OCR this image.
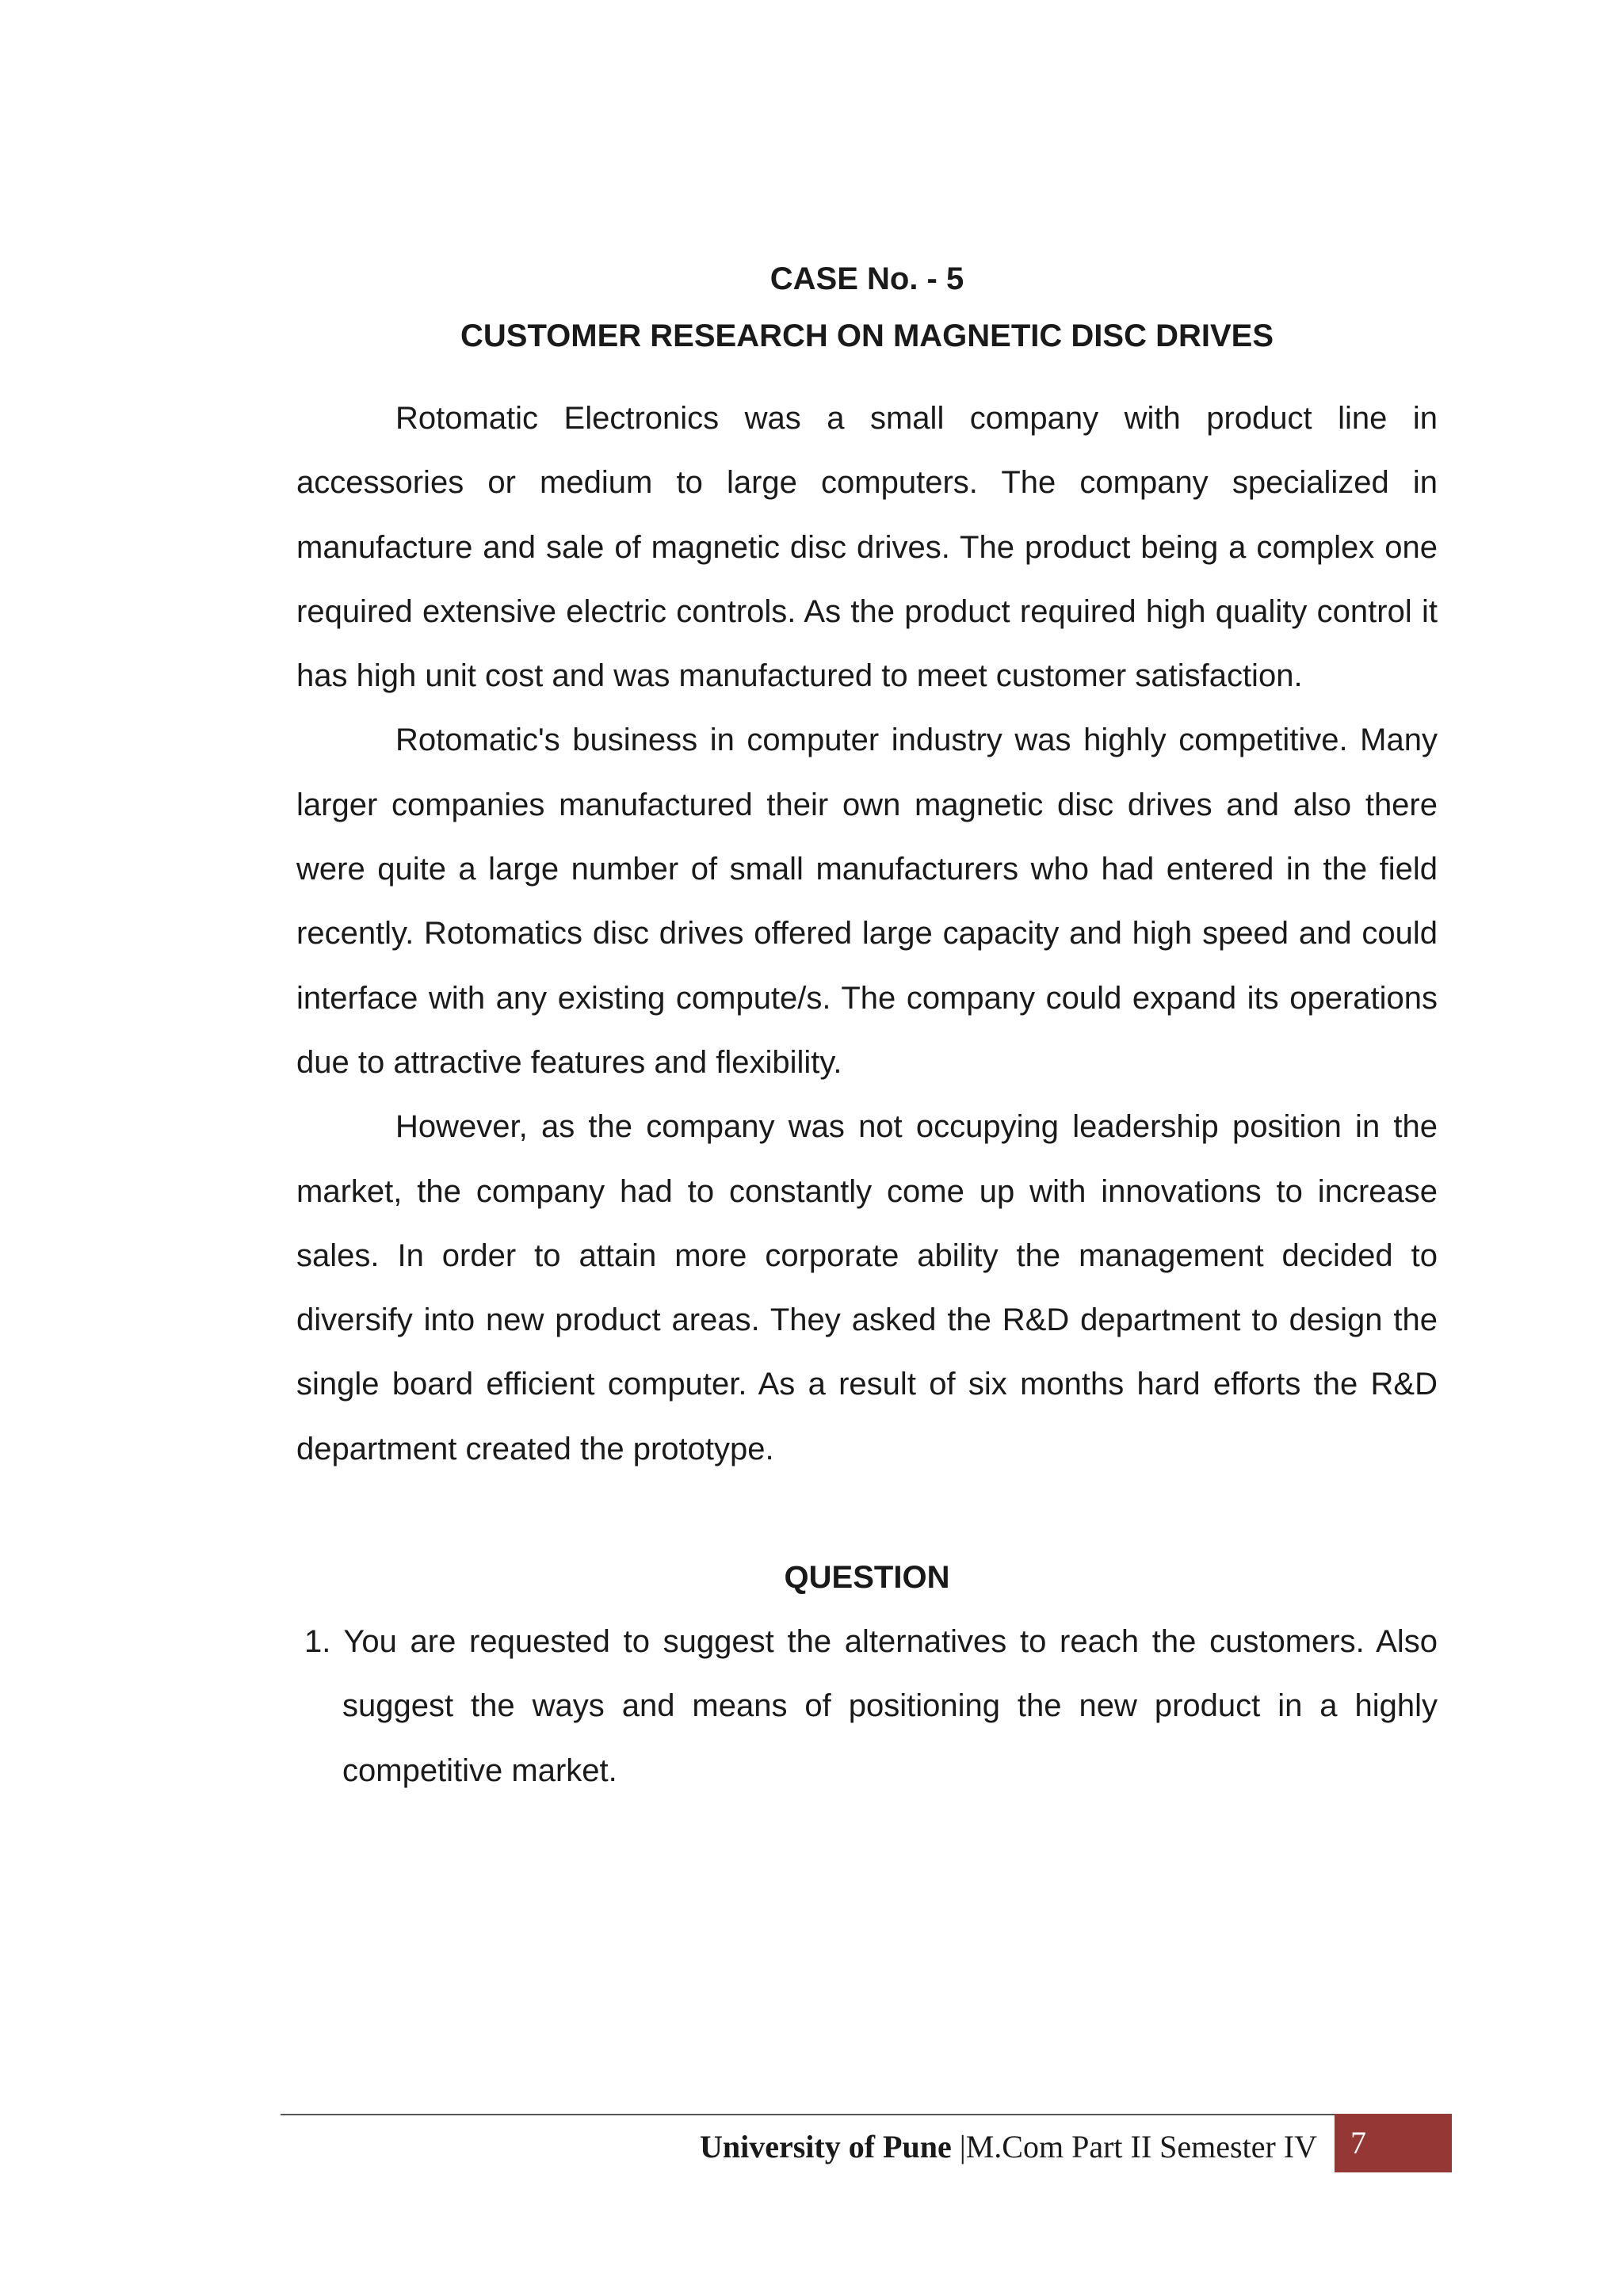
CASE No. - 5
CUSTOMER RESEARCH ON MAGNETIC DISC DRIVES

Rotomatic Electronics was a small company with product line in accessories or medium to large computers. The company specialized in manufacture and sale of magnetic disc drives. The product being a complex one required extensive electric controls. As the product required high quality control it has high unit cost and was manufactured to meet customer satisfaction.

Rotomatic's business in computer industry was highly competitive. Many larger companies manufactured their own magnetic disc drives and also there were quite a large number of small manufacturers who had entered in the field recently. Rotomatics disc drives offered large capacity and high speed and could interface with any existing compute/s. The company could expand its operations due to attractive features and flexibility.

However, as the company was not occupying leadership position in the market, the company had to constantly come up with innovations to increase sales. In order to attain more corporate ability the management decided to diversify into new product areas. They asked the R&D department to design the single board efficient computer. As a result of six months hard efforts the R&D department created the prototype.

QUESTION

1. You are requested to suggest the alternatives to reach the customers. Also suggest the ways and means of positioning the new product in a highly competitive market.

University of Pune |M.Com Part II Semester IV	7
